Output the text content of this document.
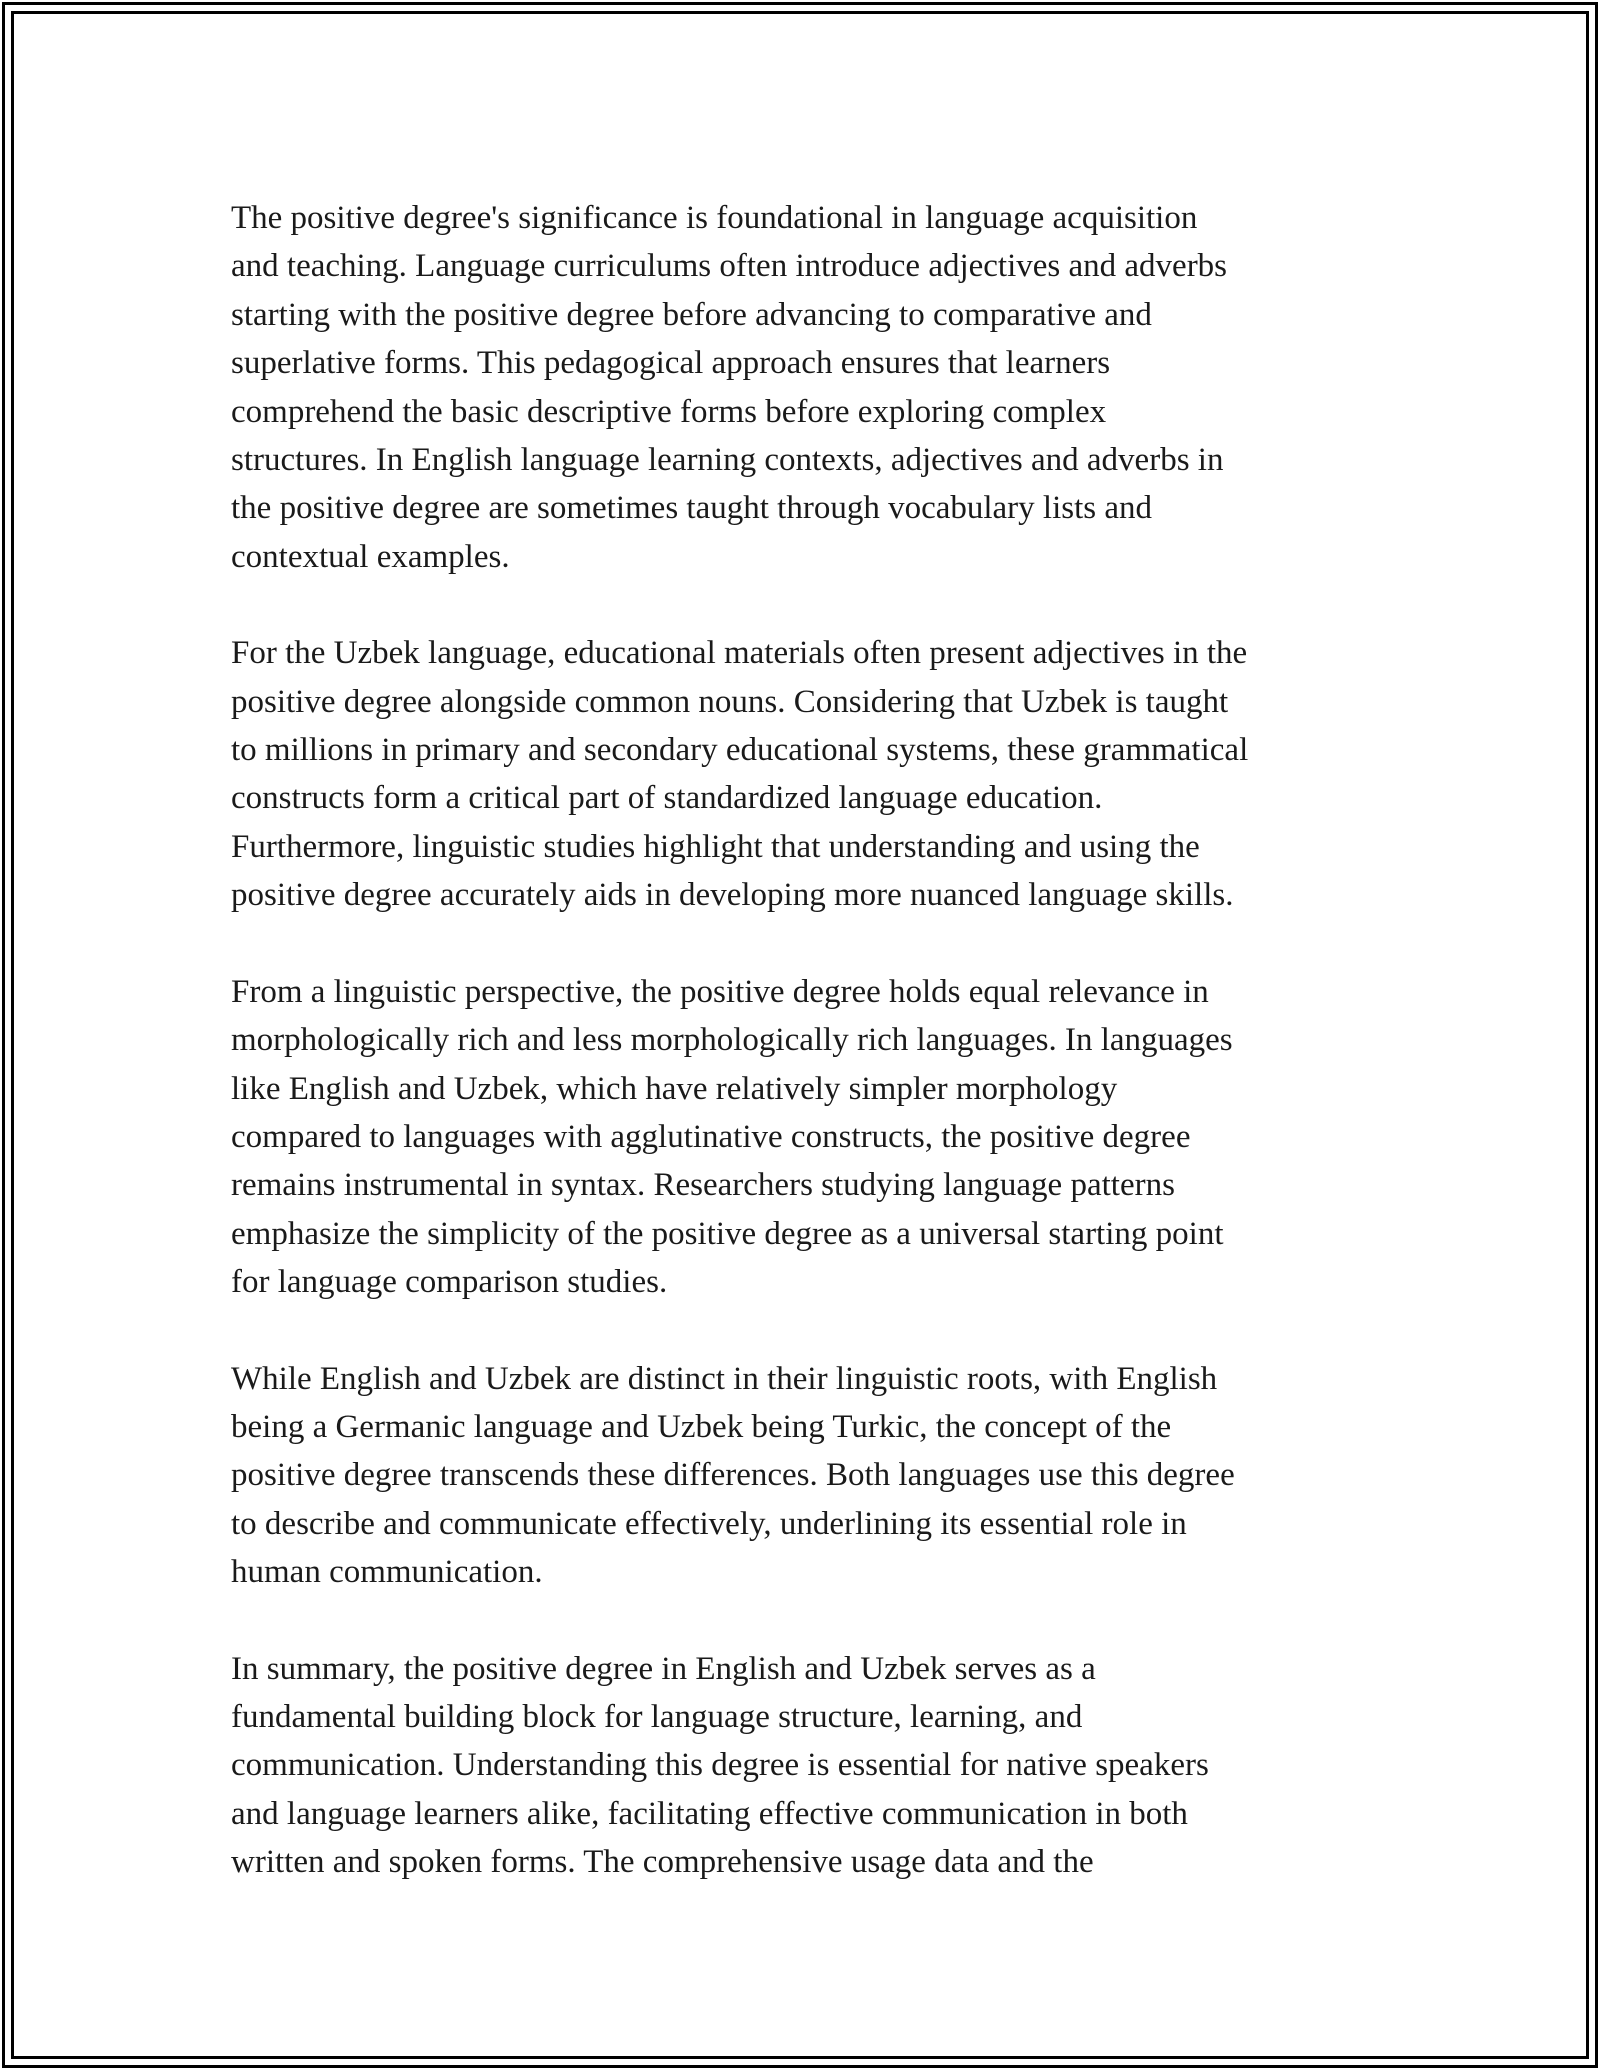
The positive degree's significance is foundational in language acquisition
and teaching. Language curriculums often introduce adjectives and adverbs
starting with the positive degree before advancing to comparative and
superlative forms. This pedagogical approach ensures that learners
comprehend the basic descriptive forms before exploring complex
structures. In English language learning contexts, adjectives and adverbs in
the positive degree are sometimes taught through vocabulary lists and
contextual examples.

For the Uzbek language, educational materials often present adjectives in the
positive degree alongside common nouns. Considering that Uzbek is taught
to millions in primary and secondary educational systems, these grammatical
constructs form a critical part of standardized language education.
Furthermore, linguistic studies highlight that understanding and using the
positive degree accurately aids in developing more nuanced language skills.

From a linguistic perspective, the positive degree holds equal relevance in
morphologically rich and less morphologically rich languages. In languages
like English and Uzbek, which have relatively simpler morphology
compared to languages with agglutinative constructs, the positive degree
remains instrumental in syntax. Researchers studying language patterns
emphasize the simplicity of the positive degree as a universal starting point
for language comparison studies.

While English and Uzbek are distinct in their linguistic roots, with English
being a Germanic language and Uzbek being Turkic, the concept of the
positive degree transcends these differences. Both languages use this degree
to describe and communicate effectively, underlining its essential role in
human communication.

In summary, the positive degree in English and Uzbek serves as a
fundamental building block for language structure, learning, and
communication. Understanding this degree is essential for native speakers
and language learners alike, facilitating effective communication in both
written and spoken forms. The comprehensive usage data and the
